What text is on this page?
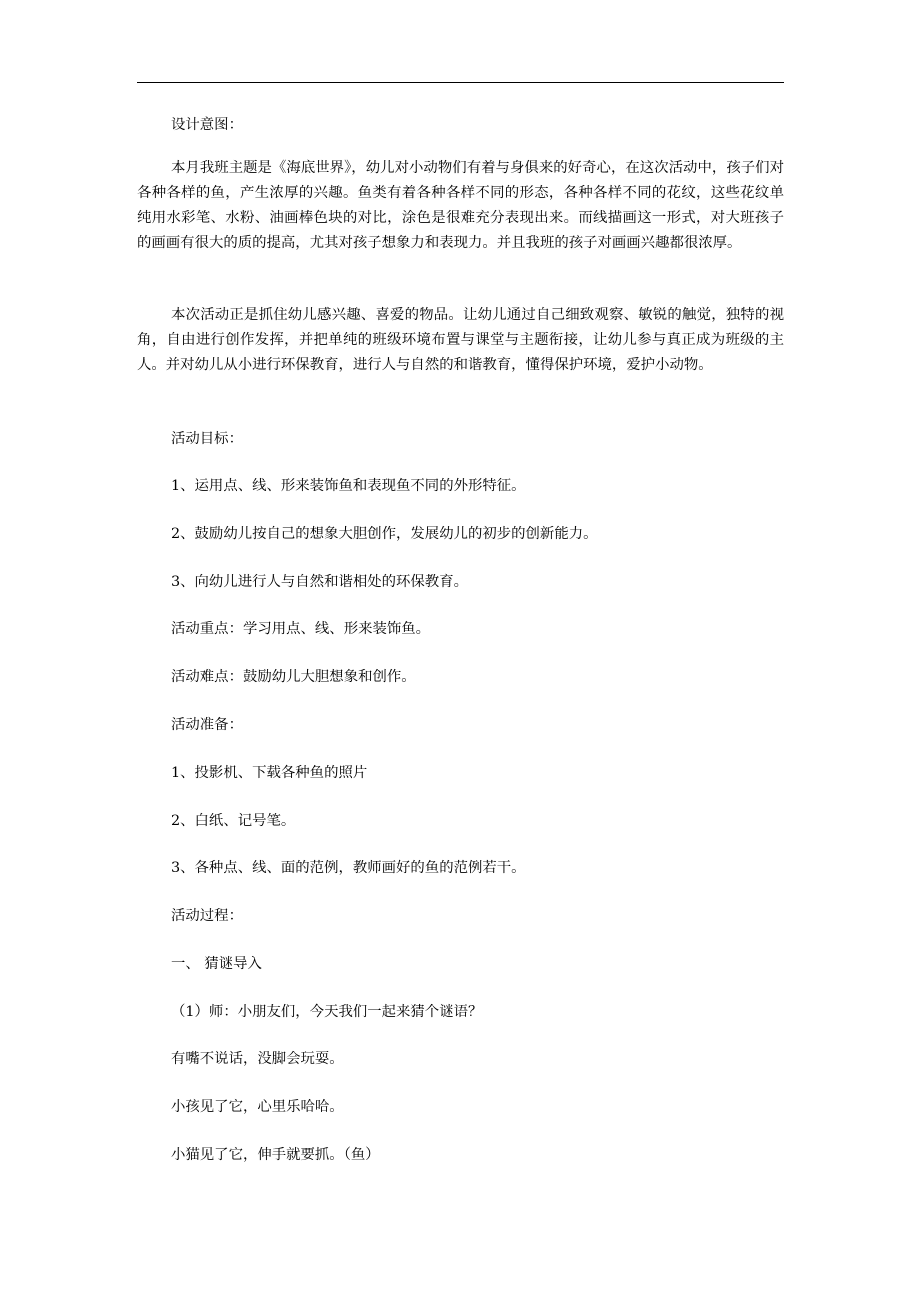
设计意图：
本月我班主题是《海底世界》，幼儿对小动物们有着与身俱来的好奇心，在这次活动中，孩子们对各种各样的鱼，产生浓厚的兴趣。鱼类有着各种各样不同的形态，各种各样不同的花纹，这些花纹单纯用水彩笔、水粉、油画棒色块的对比，涂色是很难充分表现出来。而线描画这一形式，对大班孩子的画画有很大的质的提高，尤其对孩子想象力和表现力。并且我班的孩子对画画兴趣都很浓厚。
本次活动正是抓住幼儿感兴趣、喜爱的物品。让幼儿通过自己细致观察、敏锐的触觉，独特的视角，自由进行创作发挥，并把单纯的班级环境布置与课堂与主题衔接，让幼儿参与真正成为班级的主人。并对幼儿从小进行环保教育，进行人与自然的和谐教育，懂得保护环境，爱护小动物。
活动目标：
1、运用点、线、形来装饰鱼和表现鱼不同的外形特征。
2、鼓励幼儿按自己的想象大胆创作，发展幼儿的初步的创新能力。
3、向幼儿进行人与自然和谐相处的环保教育。
活动重点：学习用点、线、形来装饰鱼。
活动难点：鼓励幼儿大胆想象和创作。
活动准备：
1、投影机、下载各种鱼的照片
2、白纸、记号笔。
3、各种点、线、面的范例，教师画好的鱼的范例若干。
活动过程：
一、 猜谜导入
（1）师：小朋友们，今天我们一起来猜个谜语？
有嘴不说话，没脚会玩耍。
小孩见了它，心里乐哈哈。
小猫见了它，伸手就要抓。（鱼）
